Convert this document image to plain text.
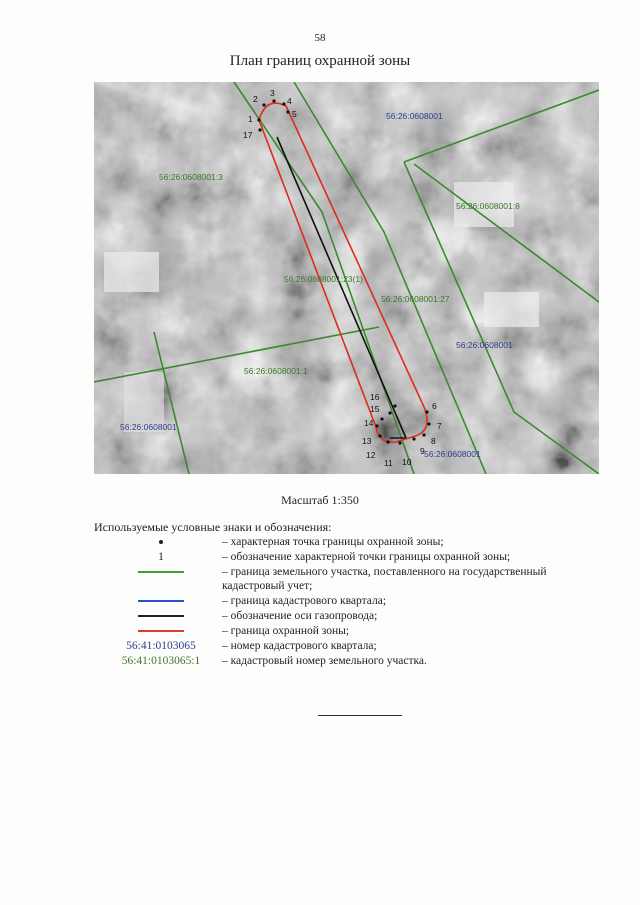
58
План границ охранной зоны
1
2
3
4
5
6
7
8
9
10
11
12
13
14
15
16
17
56:26:0608001
56:26:0608001:3
56:26:0608001:8
56:26:0608001:23(1)
56:26:0608001:27
56:26:0608001
56:26:0608001:1
56:26:0608001
56:26:0608001
Масштаб 1:350
Используемые условные знаки и обозначения:
– характерная точка границы охранной зоны;
1	– обозначение характерной точки границы охранной зоны;
– граница земельного участка, поставленного на государственный кадастровый учет;
– граница кадастрового квартала;
– обозначение оси газопровода;
– граница охранной зоны;
56:41:0103065 – номер кадастрового квартала;
56:41:0103065:1 – кадастровый номер земельного участка.
